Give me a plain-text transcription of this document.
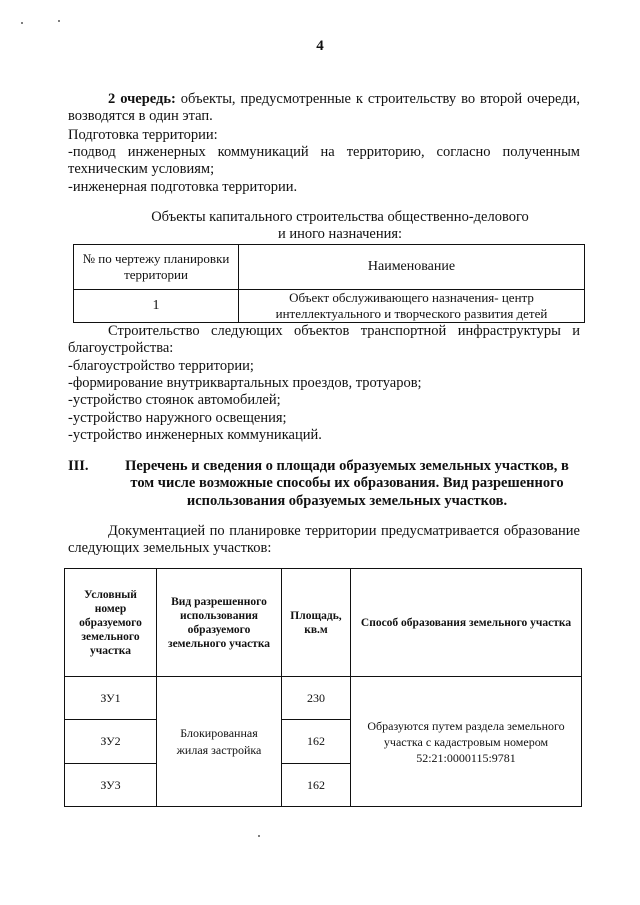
4
2 очередь: объекты, предусмотренные к строительству во второй очереди, возводятся в один этап.
Подготовка территории:
-подвод инженерных коммуникаций на территорию, согласно полученным техническим условиям;
-инженерная подготовка территории.
Объекты капитального строительства общественно-делового и иного назначения:
№ по чертежу планировки территории	Наименование
1	Объект обслуживающего назначения- центр интеллектуального и творческого развития детей
Строительство следующих объектов транспортной инфраструктуры и благоустройства:
-благоустройство территории;
-формирование внутриквартальных проездов, тротуаров;
-устройство стоянок автомобилей;
-устройство наружного освещения;
-устройство инженерных коммуникаций.
III.	Перечень и сведения о площади образуемых земельных участков, в том числе возможные способы их образования. Вид разрешенного использования образуемых земельных участков.
Документацией по планировке территории предусматривается образование следующих земельных участков:
Условный номер образуемого земельного участка	Вид разрешенного использования образуемого земельного участка	Площадь, кв.м	Способ образования земельного участка
ЗУ1	Блокированная жилая застройка	230	Образуются путем раздела земельного участка с кадастровым номером 52:21:0000115:9781
ЗУ2		162	
ЗУ3		162	
